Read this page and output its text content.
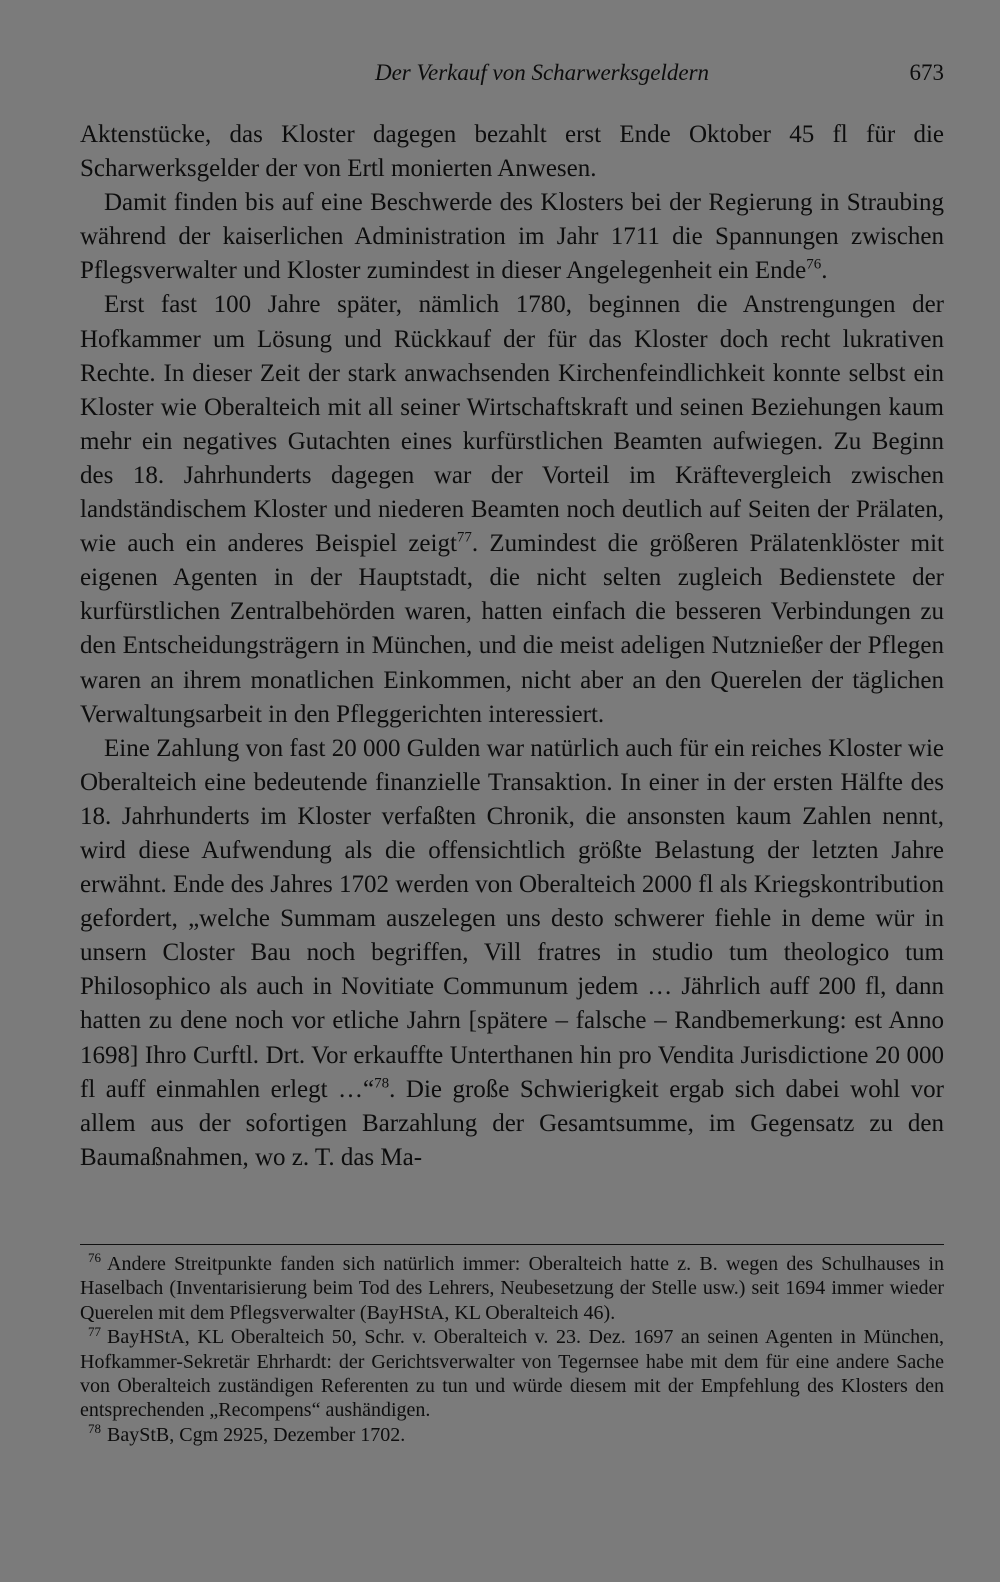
Der Verkauf von Scharwerksgeldern	673

Aktenstücke, das Kloster dagegen bezahlt erst Ende Oktober 45 fl für die Scharwerksgelder der von Ertl monierten Anwesen.

Damit finden bis auf eine Beschwerde des Klosters bei der Regierung in Straubing während der kaiserlichen Administration im Jahr 1711 die Spannungen zwischen Pflegsverwalter und Kloster zumindest in dieser Angelegenheit ein Ende$^{76}$.

Erst fast 100 Jahre später, nämlich 1780, beginnen die Anstrengungen der Hofkammer um Lösung und Rückkauf der für das Kloster doch recht lukrativen Rechte. In dieser Zeit der stark anwachsenden Kirchenfeindlichkeit konnte selbst ein Kloster wie Oberalteich mit all seiner Wirtschaftskraft und seinen Beziehungen kaum mehr ein negatives Gutachten eines kurfürstlichen Beamten aufwiegen. Zu Beginn des 18. Jahrhunderts dagegen war der Vorteil im Kräftevergleich zwischen landständischem Kloster und niederen Beamten noch deutlich auf Seiten der Prälaten, wie auch ein anderes Beispiel zeigt$^{77}$. Zumindest die größeren Prälatenklöster mit eigenen Agenten in der Hauptstadt, die nicht selten zugleich Bedienstete der kurfürstlichen Zentralbehörden waren, hatten einfach die besseren Verbindungen zu den Entscheidungsträgern in München, und die meist adeligen Nutznießer der Pflegen waren an ihrem monatlichen Einkommen, nicht aber an den Querelen der täglichen Verwaltungsarbeit in den Pfleggerichten interessiert.

Eine Zahlung von fast 20 000 Gulden war natürlich auch für ein reiches Kloster wie Oberalteich eine bedeutende finanzielle Transaktion. In einer in der ersten Hälfte des 18. Jahrhunderts im Kloster verfaßten Chronik, die ansonsten kaum Zahlen nennt, wird diese Aufwendung als die offensichtlich größte Belastung der letzten Jahre erwähnt. Ende des Jahres 1702 werden von Oberalteich 2000 fl als Kriegskontribution gefordert, „welche Summam auszelegen uns desto schwerer fiehle in deme wür in unsern Closter Bau noch begriffen, Vill fratres in studio tum theologico tum Philosophico als auch in Novitiate Communum jedem … Jährlich auff 200 fl, dann hatten zu dene noch vor etliche Jahrn [spätere – falsche – Randbemerkung: est Anno 1698] Ihro Curftl. Drt. Vor erkauffte Unterthanen hin pro Vendita Jurisdictione 20 000 fl auff einmahlen erlegt …“$^{78}$. Die große Schwierigkeit ergab sich dabei wohl vor allem aus der sofortigen Barzahlung der Gesamtsumme, im Gegensatz zu den Baumaßnahmen, wo z. T. das Ma-

$^{76}$ Andere Streitpunkte fanden sich natürlich immer: Oberalteich hatte z. B. wegen des Schulhauses in Haselbach (Inventarisierung beim Tod des Lehrers, Neubesetzung der Stelle usw.) seit 1694 immer wieder Querelen mit dem Pflegsverwalter (BayHStA, KL Oberalteich 46).

$^{77}$ BayHStA, KL Oberalteich 50, Schr. v. Oberalteich v. 23. Dez. 1697 an seinen Agenten in München, Hofkammer-Sekretär Ehrhardt: der Gerichtsverwalter von Tegernsee habe mit dem für eine andere Sache von Oberalteich zuständigen Referenten zu tun und würde diesem mit der Empfehlung des Klosters den entsprechenden „Recompens“ aushändigen.

$^{78}$ BayStB, Cgm 2925, Dezember 1702.
